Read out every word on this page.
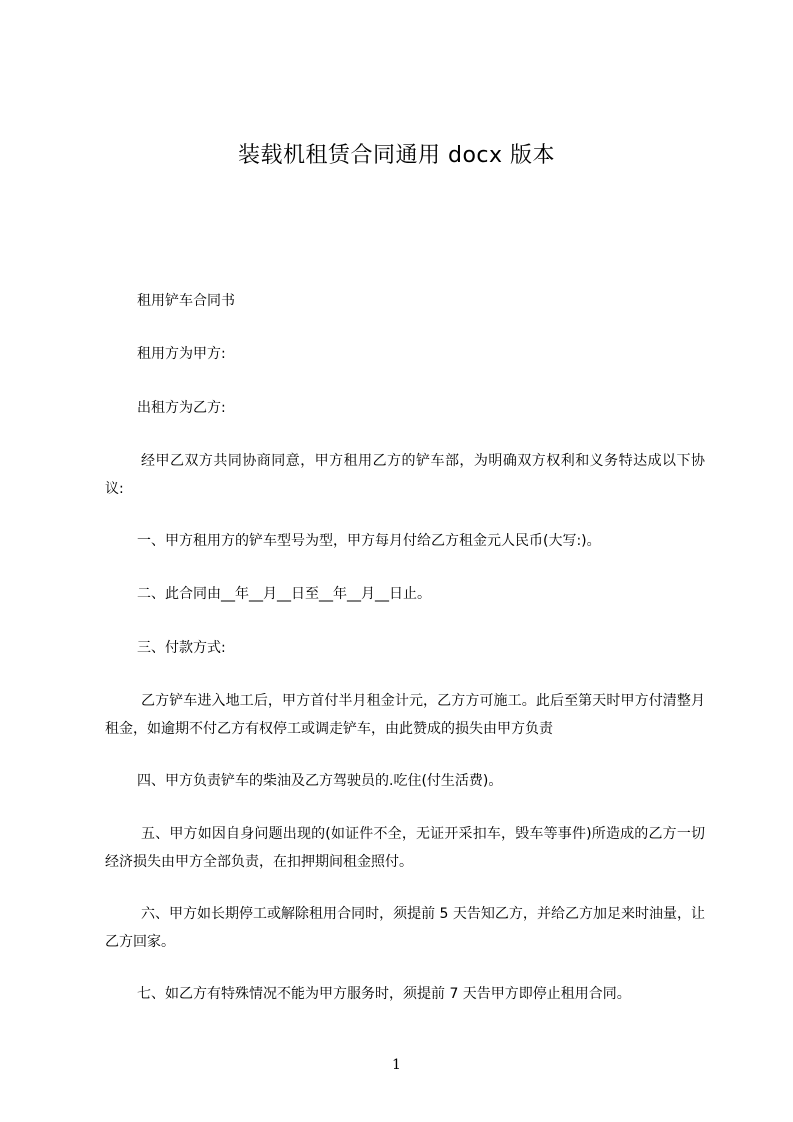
装载机租赁合同通用 docx 版本
租用铲车合同书
租用方为甲方:
出租方为乙方:
经甲乙双方共同协商同意，甲方租用乙方的铲车部，为明确双方权利和义务特达成以下协议:
一、甲方租用方的铲车型号为型，甲方每月付给乙方租金元人民币(大写:)。
二、此合同由__年__月__日至__年__月__日止。
三、付款方式:
乙方铲车进入地工后，甲方首付半月租金计元，乙方方可施工。此后至第天时甲方付清整月租金，如逾期不付乙方有权停工或调走铲车，由此赞成的损失由甲方负责
四、甲方负责铲车的柴油及乙方驾驶员的.吃住(付生活费)。
五、甲方如因自身问题出现的(如证件不全，无证开采扣车，毁车等事件)所造成的乙方一切经济损失由甲方全部负责，在扣押期间租金照付。
六、甲方如长期停工或解除租用合同时，须提前 5 天告知乙方，并给乙方加足来时油量，让乙方回家。
七、如乙方有特殊情况不能为甲方服务时，须提前 7 天告甲方即停止租用合同。
1
